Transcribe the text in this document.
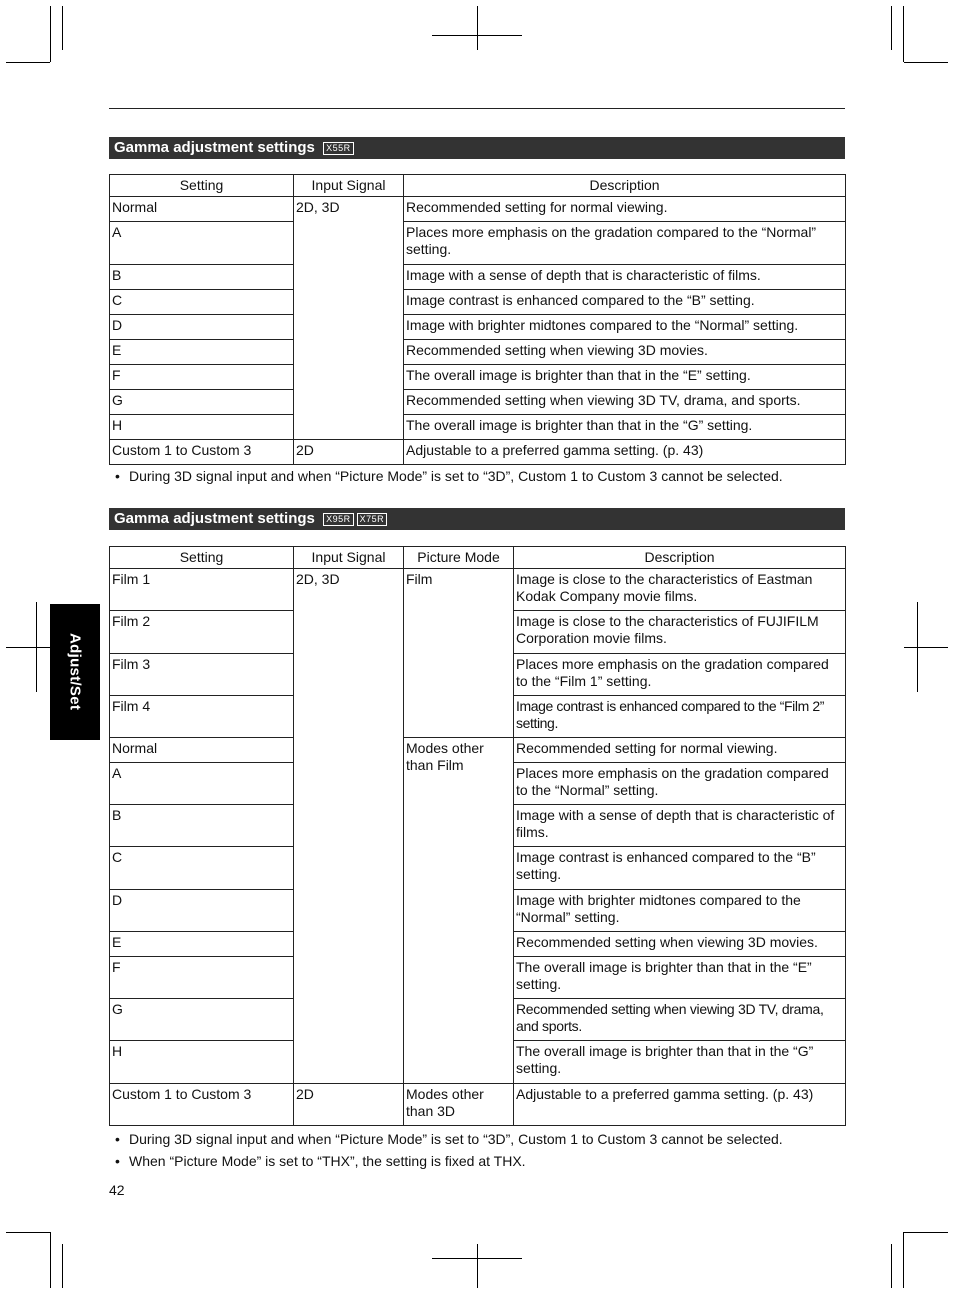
Gamma adjustment settings X55R
Setting	Input Signal	Description
Normal	2D, 3D	Recommended setting for normal viewing.
A		Places more emphasis on the gradation compared to the “Normal” setting.
B		Image with a sense of depth that is characteristic of films.
C		Image contrast is enhanced compared to the “B” setting.
D		Image with brighter midtones compared to the “Normal” setting.
E		Recommended setting when viewing 3D movies.
F		The overall image is brighter than that in the “E” setting.
G		Recommended setting when viewing 3D TV, drama, and sports.
H		The overall image is brighter than that in the “G” setting.
Custom 1 to Custom 3	2D	Adjustable to a preferred gamma setting. (p. 43)
• During 3D signal input and when “Picture Mode” is set to “3D”, Custom 1 to Custom 3 cannot be selected.
Gamma adjustment settings X95R X75R
Setting	Input Signal	Picture Mode	Description
Film 1	2D, 3D	Film	Image is close to the characteristics of Eastman Kodak Company movie films.
Film 2			Image is close to the characteristics of FUJIFILM Corporation movie films.
Film 3			Places more emphasis on the gradation compared to the “Film 1” setting.
Film 4			Image contrast is enhanced compared to the “Film 2” setting.
Normal		Modes other than Film	Recommended setting for normal viewing.
A			Places more emphasis on the gradation compared to the “Normal” setting.
B			Image with a sense of depth that is characteristic of films.
C			Image contrast is enhanced compared to the “B” setting.
D			Image with brighter midtones compared to the “Normal” setting.
E			Recommended setting when viewing 3D movies.
F			The overall image is brighter than that in the “E” setting.
G			Recommended setting when viewing 3D TV, drama, and sports.
H			The overall image is brighter than that in the “G” setting.
Custom 1 to Custom 3	2D	Modes other than 3D	Adjustable to a preferred gamma setting. (p. 43)
• During 3D signal input and when “Picture Mode” is set to “3D”, Custom 1 to Custom 3 cannot be selected.
• When “Picture Mode” is set to “THX”, the setting is fixed at THX.
42
Adjust/Set
